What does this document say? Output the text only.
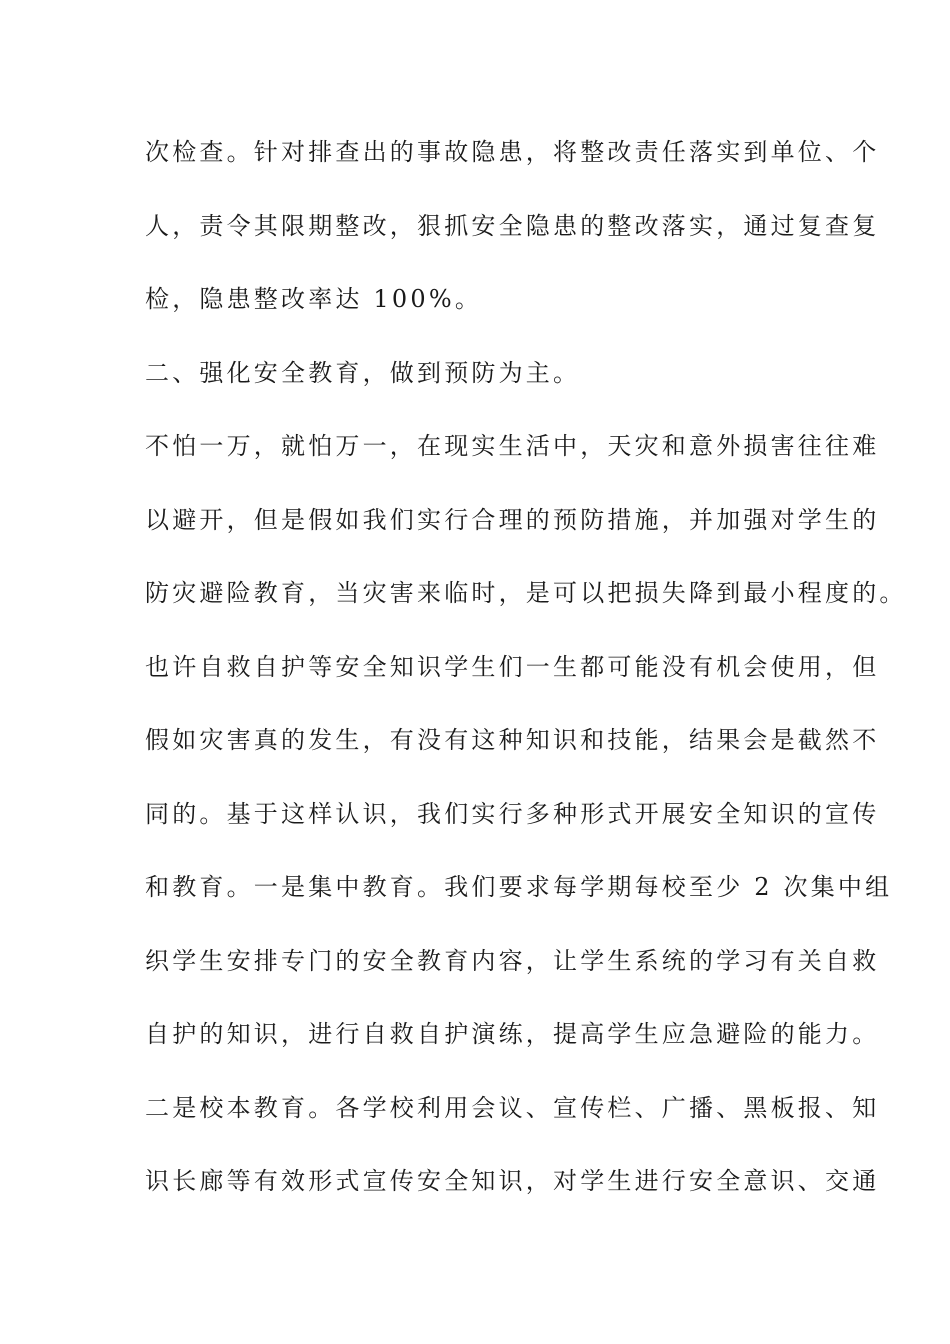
次检查。针对排查出的事故隐患，将整改责任落实到单位、个

人，责令其限期整改，狠抓安全隐患的整改落实，通过复查复

检，隐患整改率达 100%。

二、强化安全教育，做到预防为主。

不怕一万，就怕万一，在现实生活中，天灾和意外损害往往难

以避开，但是假如我们实行合理的预防措施，并加强对学生的

防灾避险教育，当灾害来临时，是可以把损失降到最小程度的。

也许自救自护等安全知识学生们一生都可能没有机会使用，但

假如灾害真的发生，有没有这种知识和技能，结果会是截然不

同的。基于这样认识，我们实行多种形式开展安全知识的宣传

和教育。一是集中教育。我们要求每学期每校至少 2 次集中组

织学生安排专门的安全教育内容，让学生系统的学习有关自救

自护的知识，进行自救自护演练，提高学生应急避险的能力。

二是校本教育。各学校利用会议、宣传栏、广播、黑板报、知

识长廊等有效形式宣传安全知识，对学生进行安全意识、交通
